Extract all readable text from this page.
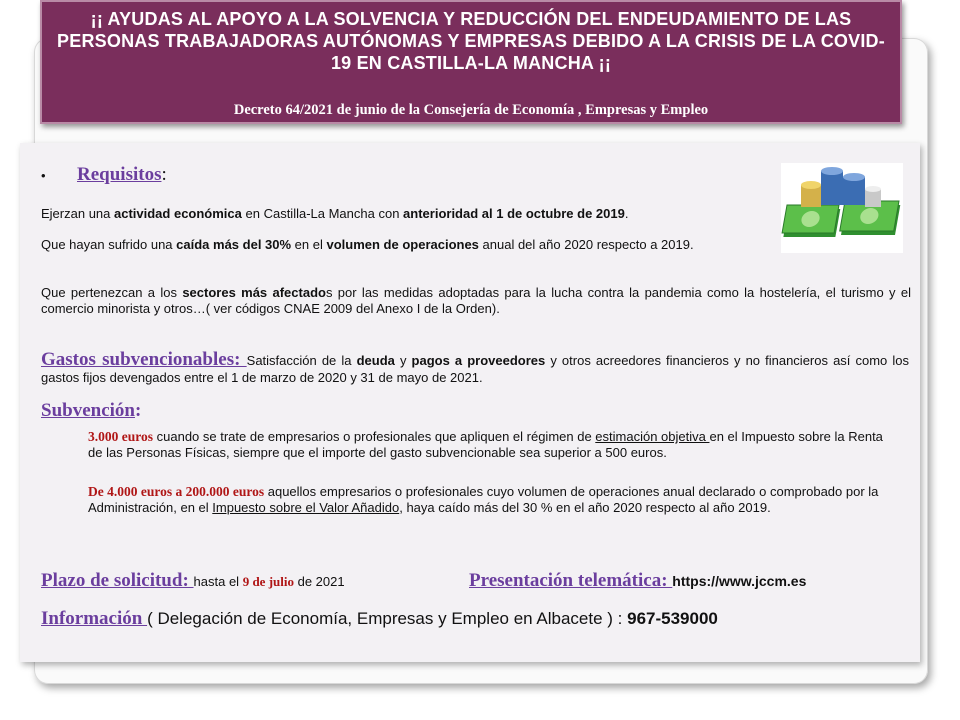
¡¡ AYUDAS AL APOYO A LA SOLVENCIA Y REDUCCIÓN DEL ENDEUDAMIENTO DE LAS PERSONAS TRABAJADORAS AUTÓNOMAS Y EMPRESAS DEBIDO A LA CRISIS DE LA COVID-19 EN CASTILLA-LA MANCHA ¡¡
Decreto 64/2021 de junio de la Consejería de Economía , Empresas y Empleo
• Requisitos:
Ejerzan una actividad económica en Castilla-La Mancha con anterioridad al 1 de octubre de 2019.
Que hayan sufrido una caída más del 30% en el volumen de operaciones anual del año 2020 respecto a 2019.
Que pertenezcan a los sectores más afectados por las medidas adoptadas para la lucha contra la pandemia como la hostelería, el turismo y el comercio minorista y otros…( ver códigos CNAE 2009 del Anexo I de la Orden).
Gastos subvencionables: Satisfacción de la deuda y pagos a proveedores y otros acreedores financieros y no financieros así como los gastos fijos devengados entre el 1 de marzo de 2020 y 31 de mayo de 2021.
Subvención:
3.000 euros cuando se trate de empresarios o profesionales que apliquen el régimen de estimación objetiva en el Impuesto sobre la Renta de las Personas Físicas, siempre que el importe del gasto subvencionable sea superior a 500 euros.
De 4.000 euros a 200.000 euros aquellos empresarios o profesionales cuyo volumen de operaciones anual declarado o comprobado por la Administración, en el Impuesto sobre el Valor Añadido, haya caído más del 30 % en el año 2020 respecto al año 2019.
Plazo de solicitud: hasta el 9 de julio de 2021	Presentación telemática: https://www.jccm.es
Información ( Delegación de Economía, Empresas y Empleo en Albacete ) : 967-539000
